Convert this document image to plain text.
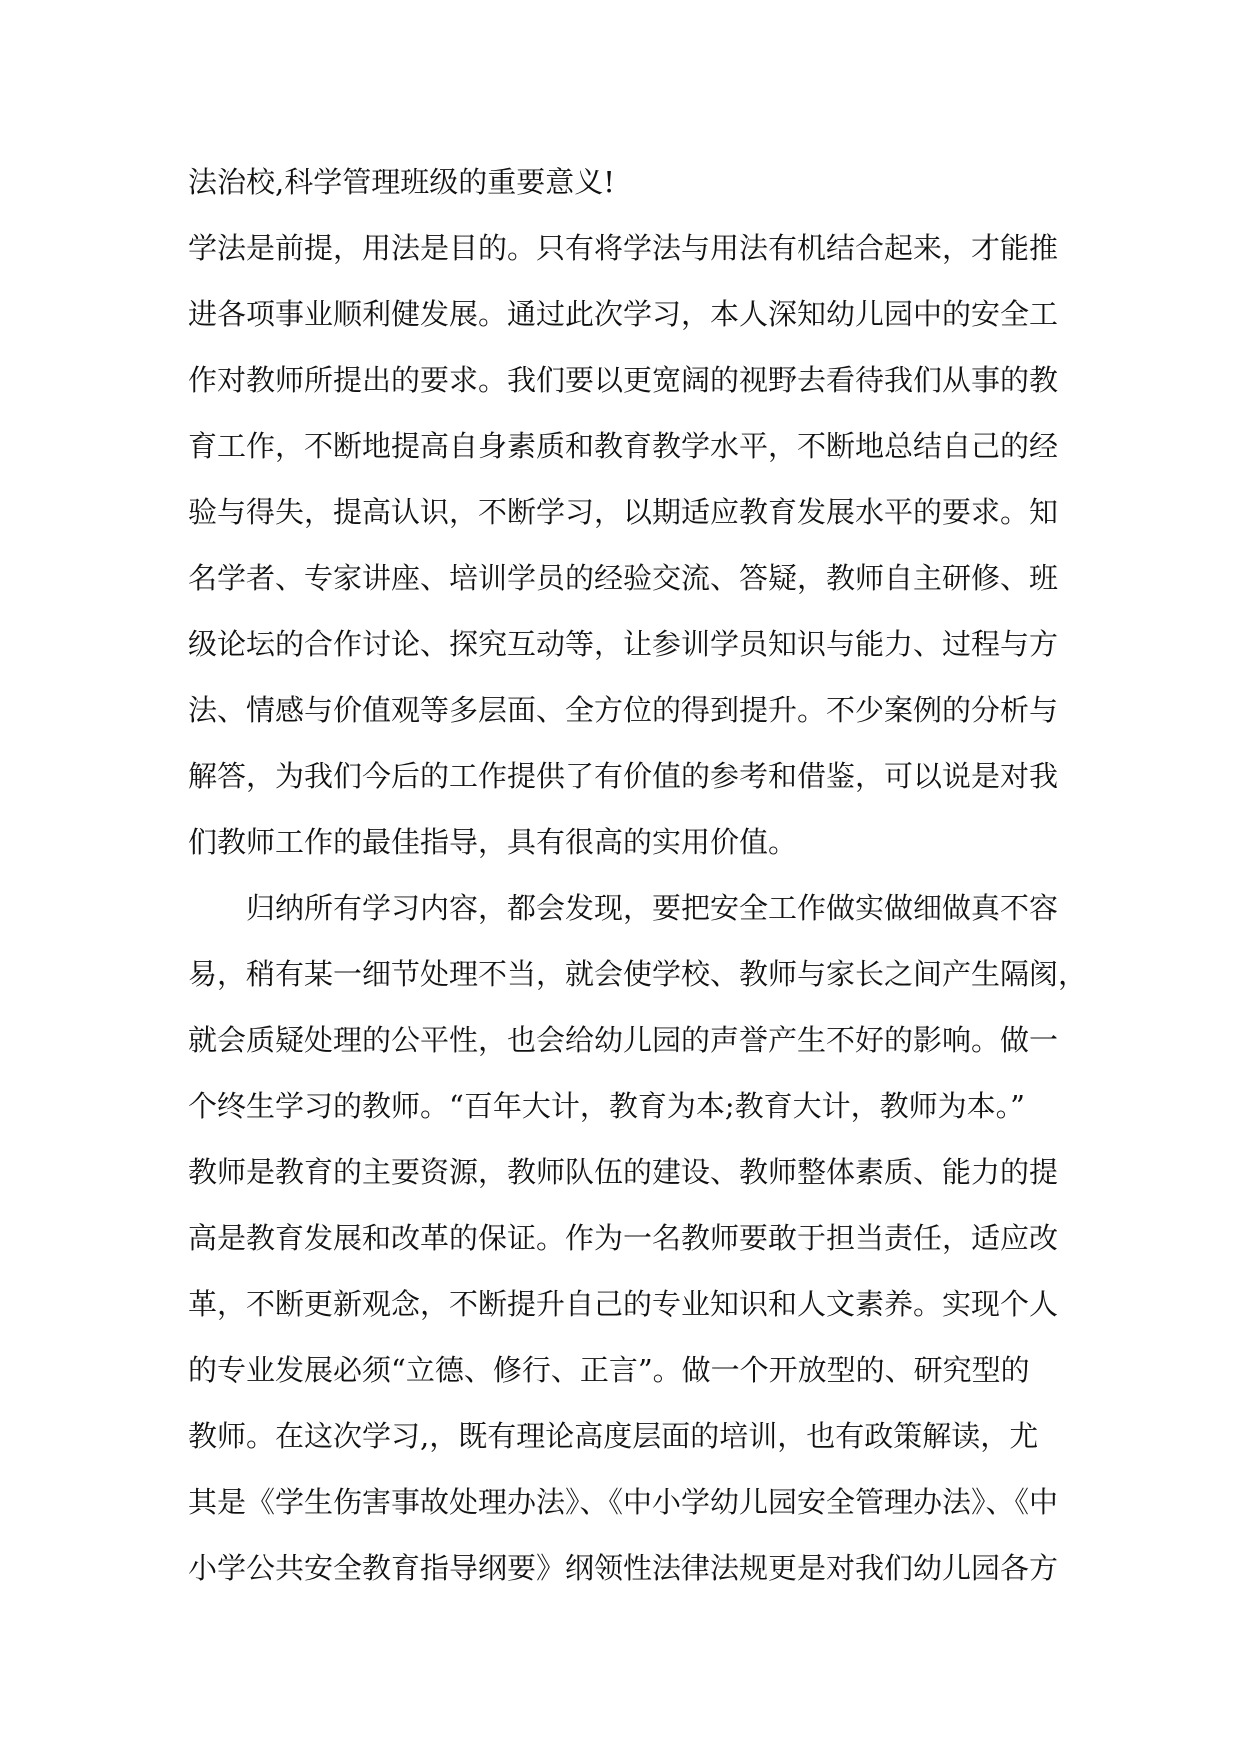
法治校,科学管理班级的重要意义!
学法是前提，用法是目的。只有将学法与用法有机结合起来，才能推
进各项事业顺利健发展。通过此次学习，本人深知幼儿园中的安全工
作对教师所提出的要求。我们要以更宽阔的视野去看待我们从事的教
育工作，不断地提高自身素质和教育教学水平，不断地总结自己的经
验与得失，提高认识，不断学习，以期适应教育发展水平的要求。知
名学者、专家讲座、培训学员的经验交流、答疑，教师自主研修、班
级论坛的合作讨论、探究互动等，让参训学员知识与能力、过程与方
法、情感与价值观等多层面、全方位的得到提升。不少案例的分析与
解答，为我们今后的工作提供了有价值的参考和借鉴，可以说是对我
们教师工作的最佳指导，具有很高的实用价值。
归纳所有学习内容，都会发现，要把安全工作做实做细做真不容
易，稍有某一细节处理不当，就会使学校、教师与家长之间产生隔阂，
就会质疑处理的公平性，也会给幼儿园的声誉产生不好的影响。做一
个终生学习的教师。“百年大计，教育为本;教育大计，教师为本。”
教师是教育的主要资源，教师队伍的建设、教师整体素质、能力的提
高是教育发展和改革的保证。作为一名教师要敢于担当责任，适应改
革，不断更新观念，不断提升自己的专业知识和人文素养。实现个人
的专业发展必须“立德、修行、正言”。做一个开放型的、研究型的
教师。在这次学习,，既有理论高度层面的培训，也有政策解读，尤
其是《学生伤害事故处理办法》、《中小学幼儿园安全管理办法》、《中
小学公共安全教育指导纲要》纲领性法律法规更是对我们幼儿园各方
